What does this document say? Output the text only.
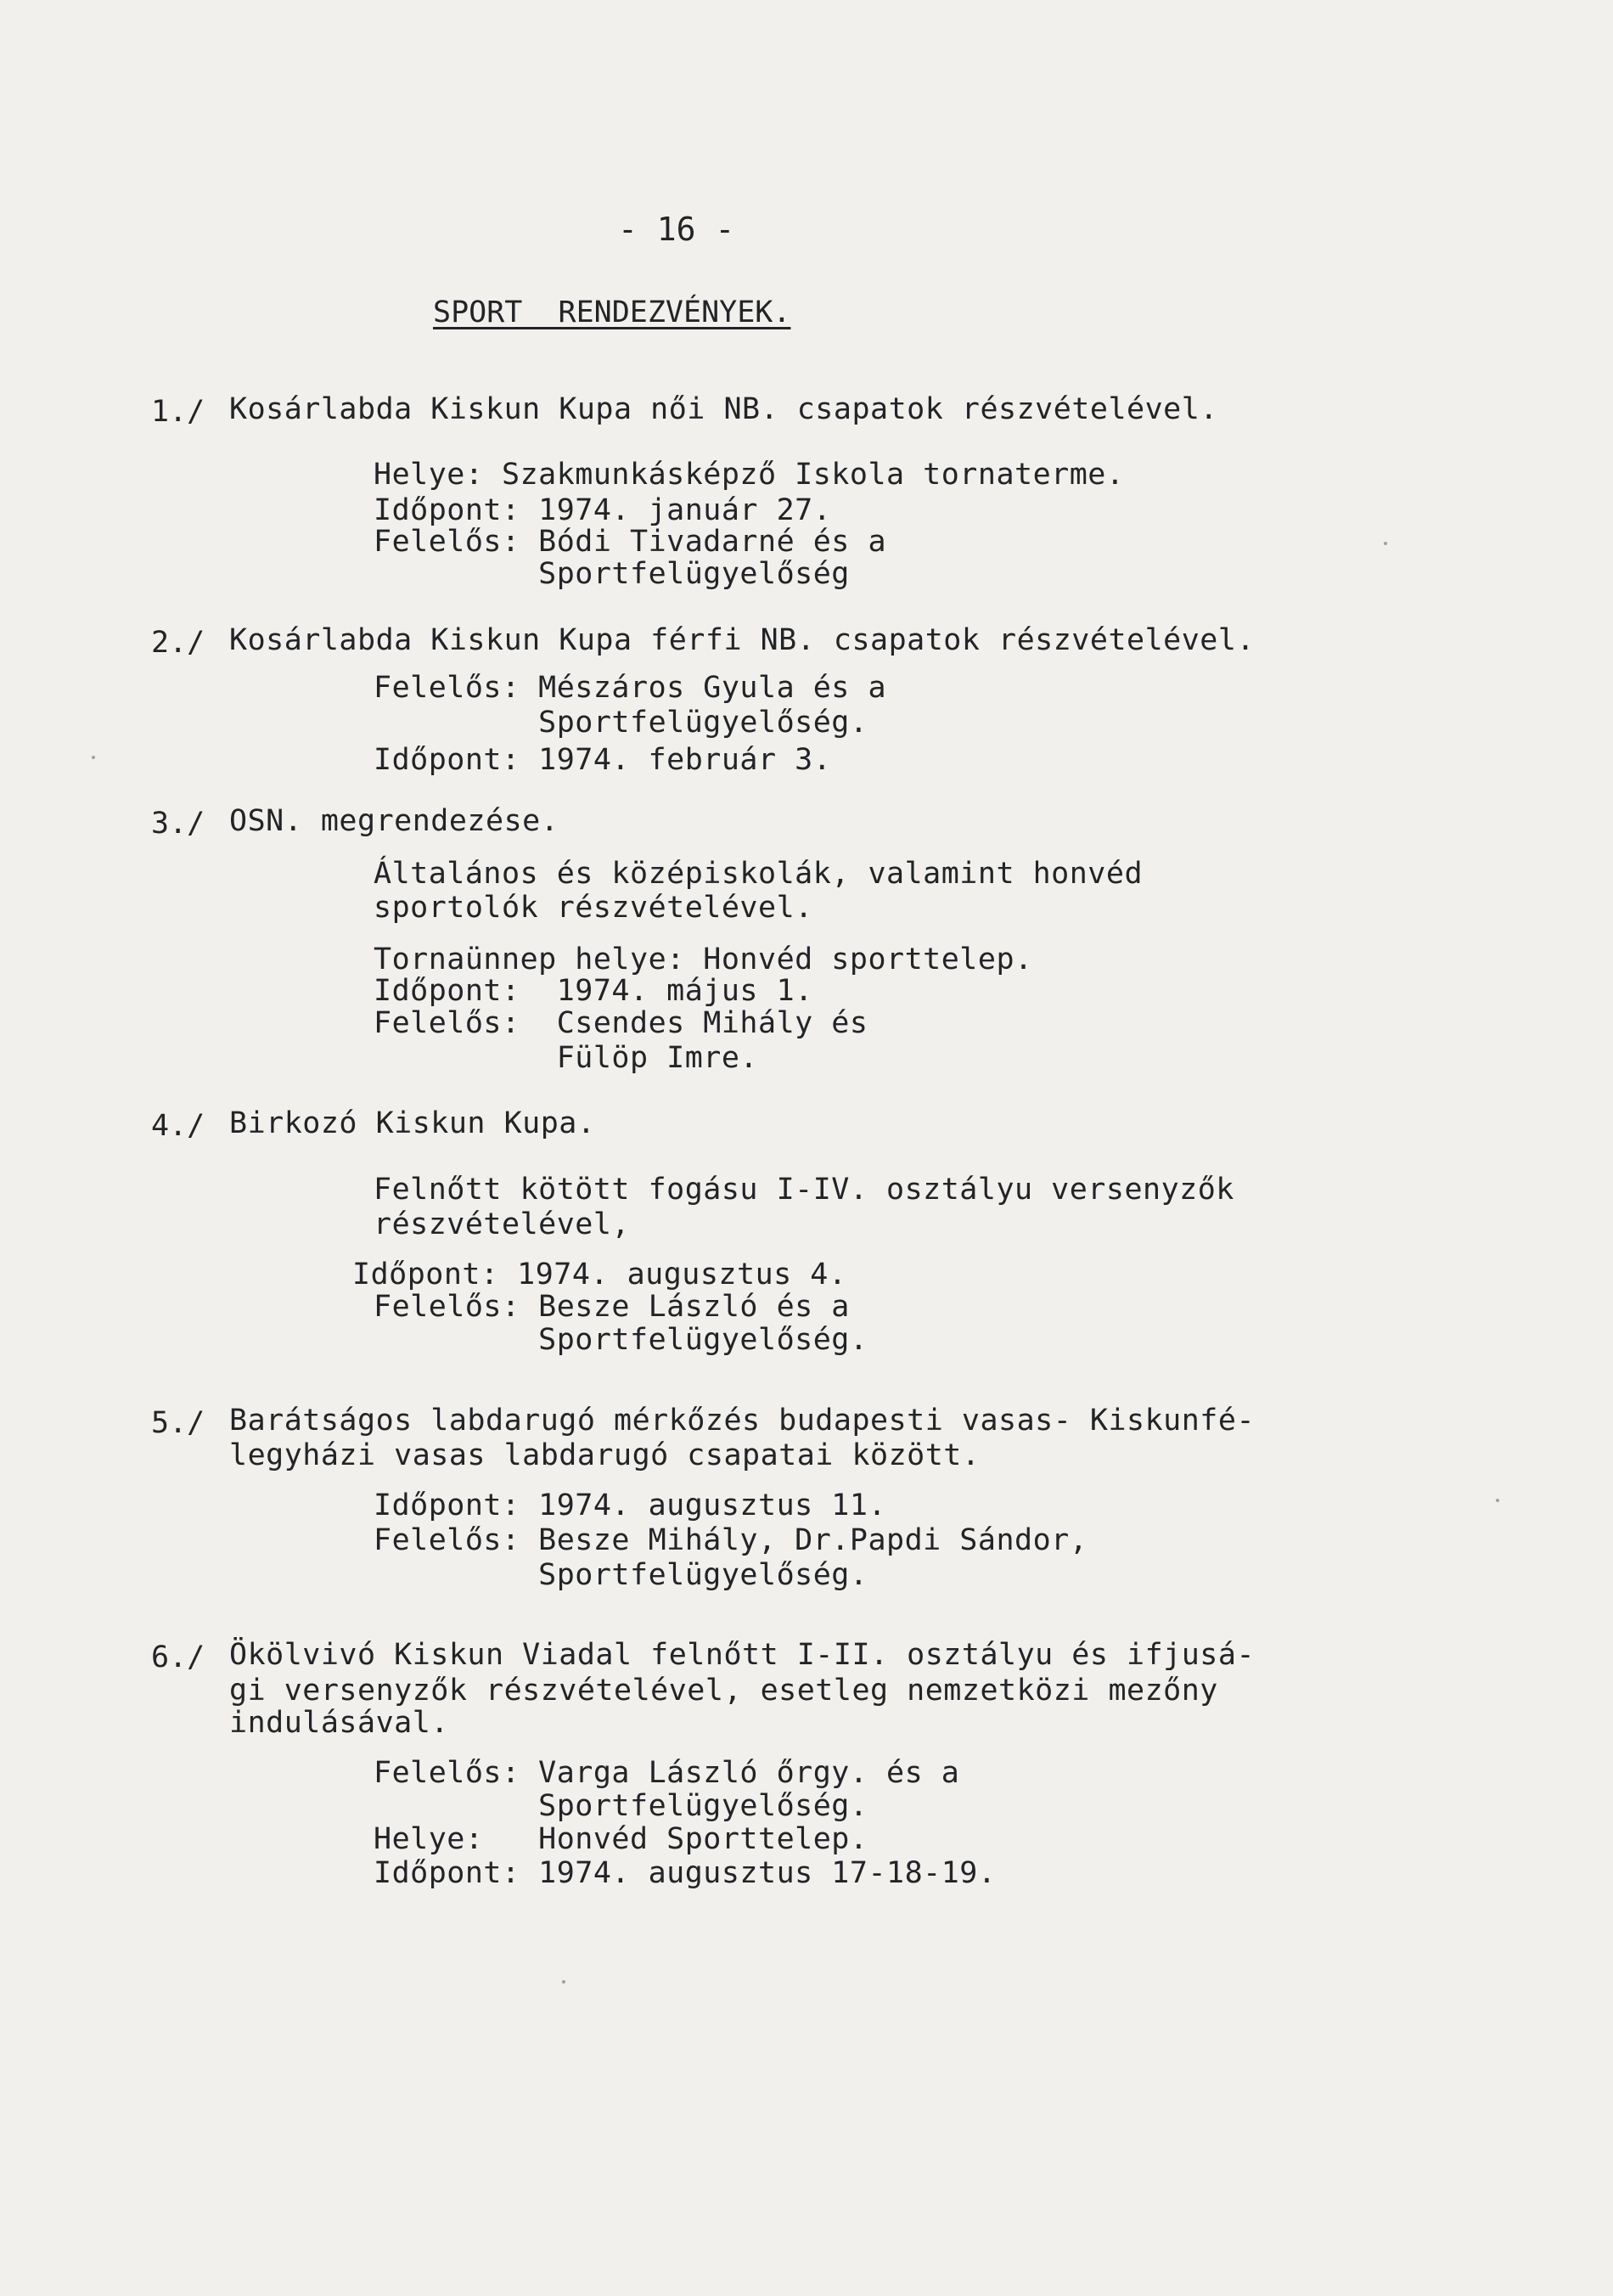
- 16 -
SPORT  RENDEZVÉNYEK.
1./ Kosárlabda Kiskun Kupa női NB. csapatok részvételével.
Helye: Szakmunkásképző Iskola tornaterme.
Időpont: 1974. január 27.
Felelős: Bódi Tivadarné és a
Sportfelügyelőség
2./ Kosárlabda Kiskun Kupa férfi NB. csapatok részvételével.
Felelős: Mészáros Gyula és a
Sportfelügyelőség.
Időpont: 1974. február 3.
3./ OSN. megrendezése.
Általános és középiskolák, valamint honvéd
sportolók részvételével.
Tornaünnep helye: Honvéd sporttelep.
Időpont:  1974. május 1.
Felelős:  Csendes Mihály és
Fülöp Imre.
4./ Birkozó Kiskun Kupa.
Felnőtt kötött fogásu I-IV. osztályu versenyzők
részvételével,
Időpont: 1974. augusztus 4.
Felelős: Besze László és a
Sportfelügyelőség.
5./ Barátságos labdarugó mérkőzés budapesti vasas- Kiskunfé-
legyházi vasas labdarugó csapatai között.
Időpont: 1974. augusztus 11.
Felelős: Besze Mihály, Dr.Papdi Sándor,
Sportfelügyelőség.
6./ Ökölvivó Kiskun Viadal felnőtt I-II. osztályu és ifjusá-
gi versenyzők részvételével, esetleg nemzetközi mezőny
indulásával.
Felelős: Varga László őrgy. és a
Sportfelügyelőség.
Helye:   Honvéd Sporttelep.
Időpont: 1974. augusztus 17-18-19.
